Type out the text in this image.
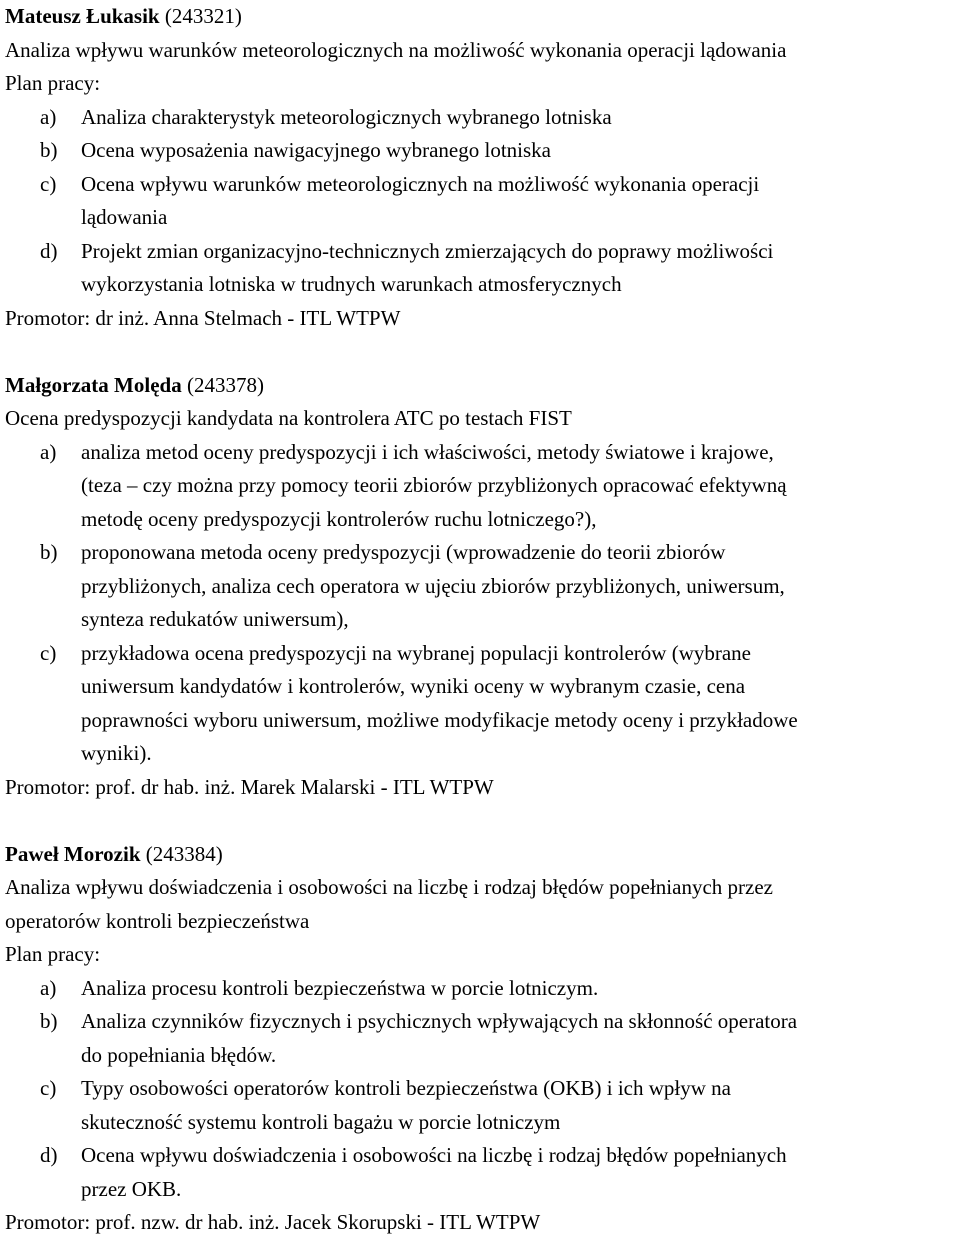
Mateusz Łukasik (243321)
Analiza wpływu warunków meteorologicznych na możliwość wykonania operacji lądowania
Plan pracy:
a) Analiza charakterystyk meteorologicznych wybranego lotniska
b) Ocena wyposażenia nawigacyjnego wybranego lotniska
c) Ocena wpływu warunków meteorologicznych na możliwość wykonania operacji
lądowania
d) Projekt zmian organizacyjno-technicznych zmierzających do poprawy możliwości
wykorzystania lotniska w trudnych warunkach atmosferycznych
Promotor: dr inż. Anna Stelmach - ITL WTPW
Małgorzata Molęda (243378)
Ocena predyspozycji kandydata na kontrolera ATC po testach FIST
a) analiza metod oceny predyspozycji i ich właściwości, metody światowe i krajowe,
(teza – czy można przy pomocy teorii zbiorów przybliżonych opracować efektywną
metodę oceny predyspozycji kontrolerów ruchu lotniczego?),
b) proponowana metoda oceny predyspozycji (wprowadzenie do teorii zbiorów
przybliżonych, analiza cech operatora w ujęciu zbiorów przybliżonych, uniwersum,
synteza redukatów uniwersum),
c) przykładowa ocena predyspozycji na wybranej populacji kontrolerów (wybrane
uniwersum kandydatów i kontrolerów, wyniki oceny w wybranym czasie, cena
poprawności wyboru uniwersum, możliwe modyfikacje metody oceny i przykładowe
wyniki).
Promotor: prof. dr hab. inż. Marek Malarski - ITL WTPW
Paweł Morozik (243384)
Analiza wpływu doświadczenia i osobowości na liczbę i rodzaj błędów popełnianych przez
operatorów kontroli bezpieczeństwa
Plan pracy:
a) Analiza procesu kontroli bezpieczeństwa w porcie lotniczym.
b) Analiza czynników fizycznych i psychicznych wpływających na skłonność operatora
do popełniania błędów.
c) Typy osobowości operatorów kontroli bezpieczeństwa (OKB) i ich wpływ na
skuteczność systemu kontroli bagażu w porcie lotniczym
d) Ocena wpływu doświadczenia i osobowości na liczbę i rodzaj błędów popełnianych
przez OKB.
Promotor: prof. nzw. dr hab. inż. Jacek Skorupski - ITL WTPW
